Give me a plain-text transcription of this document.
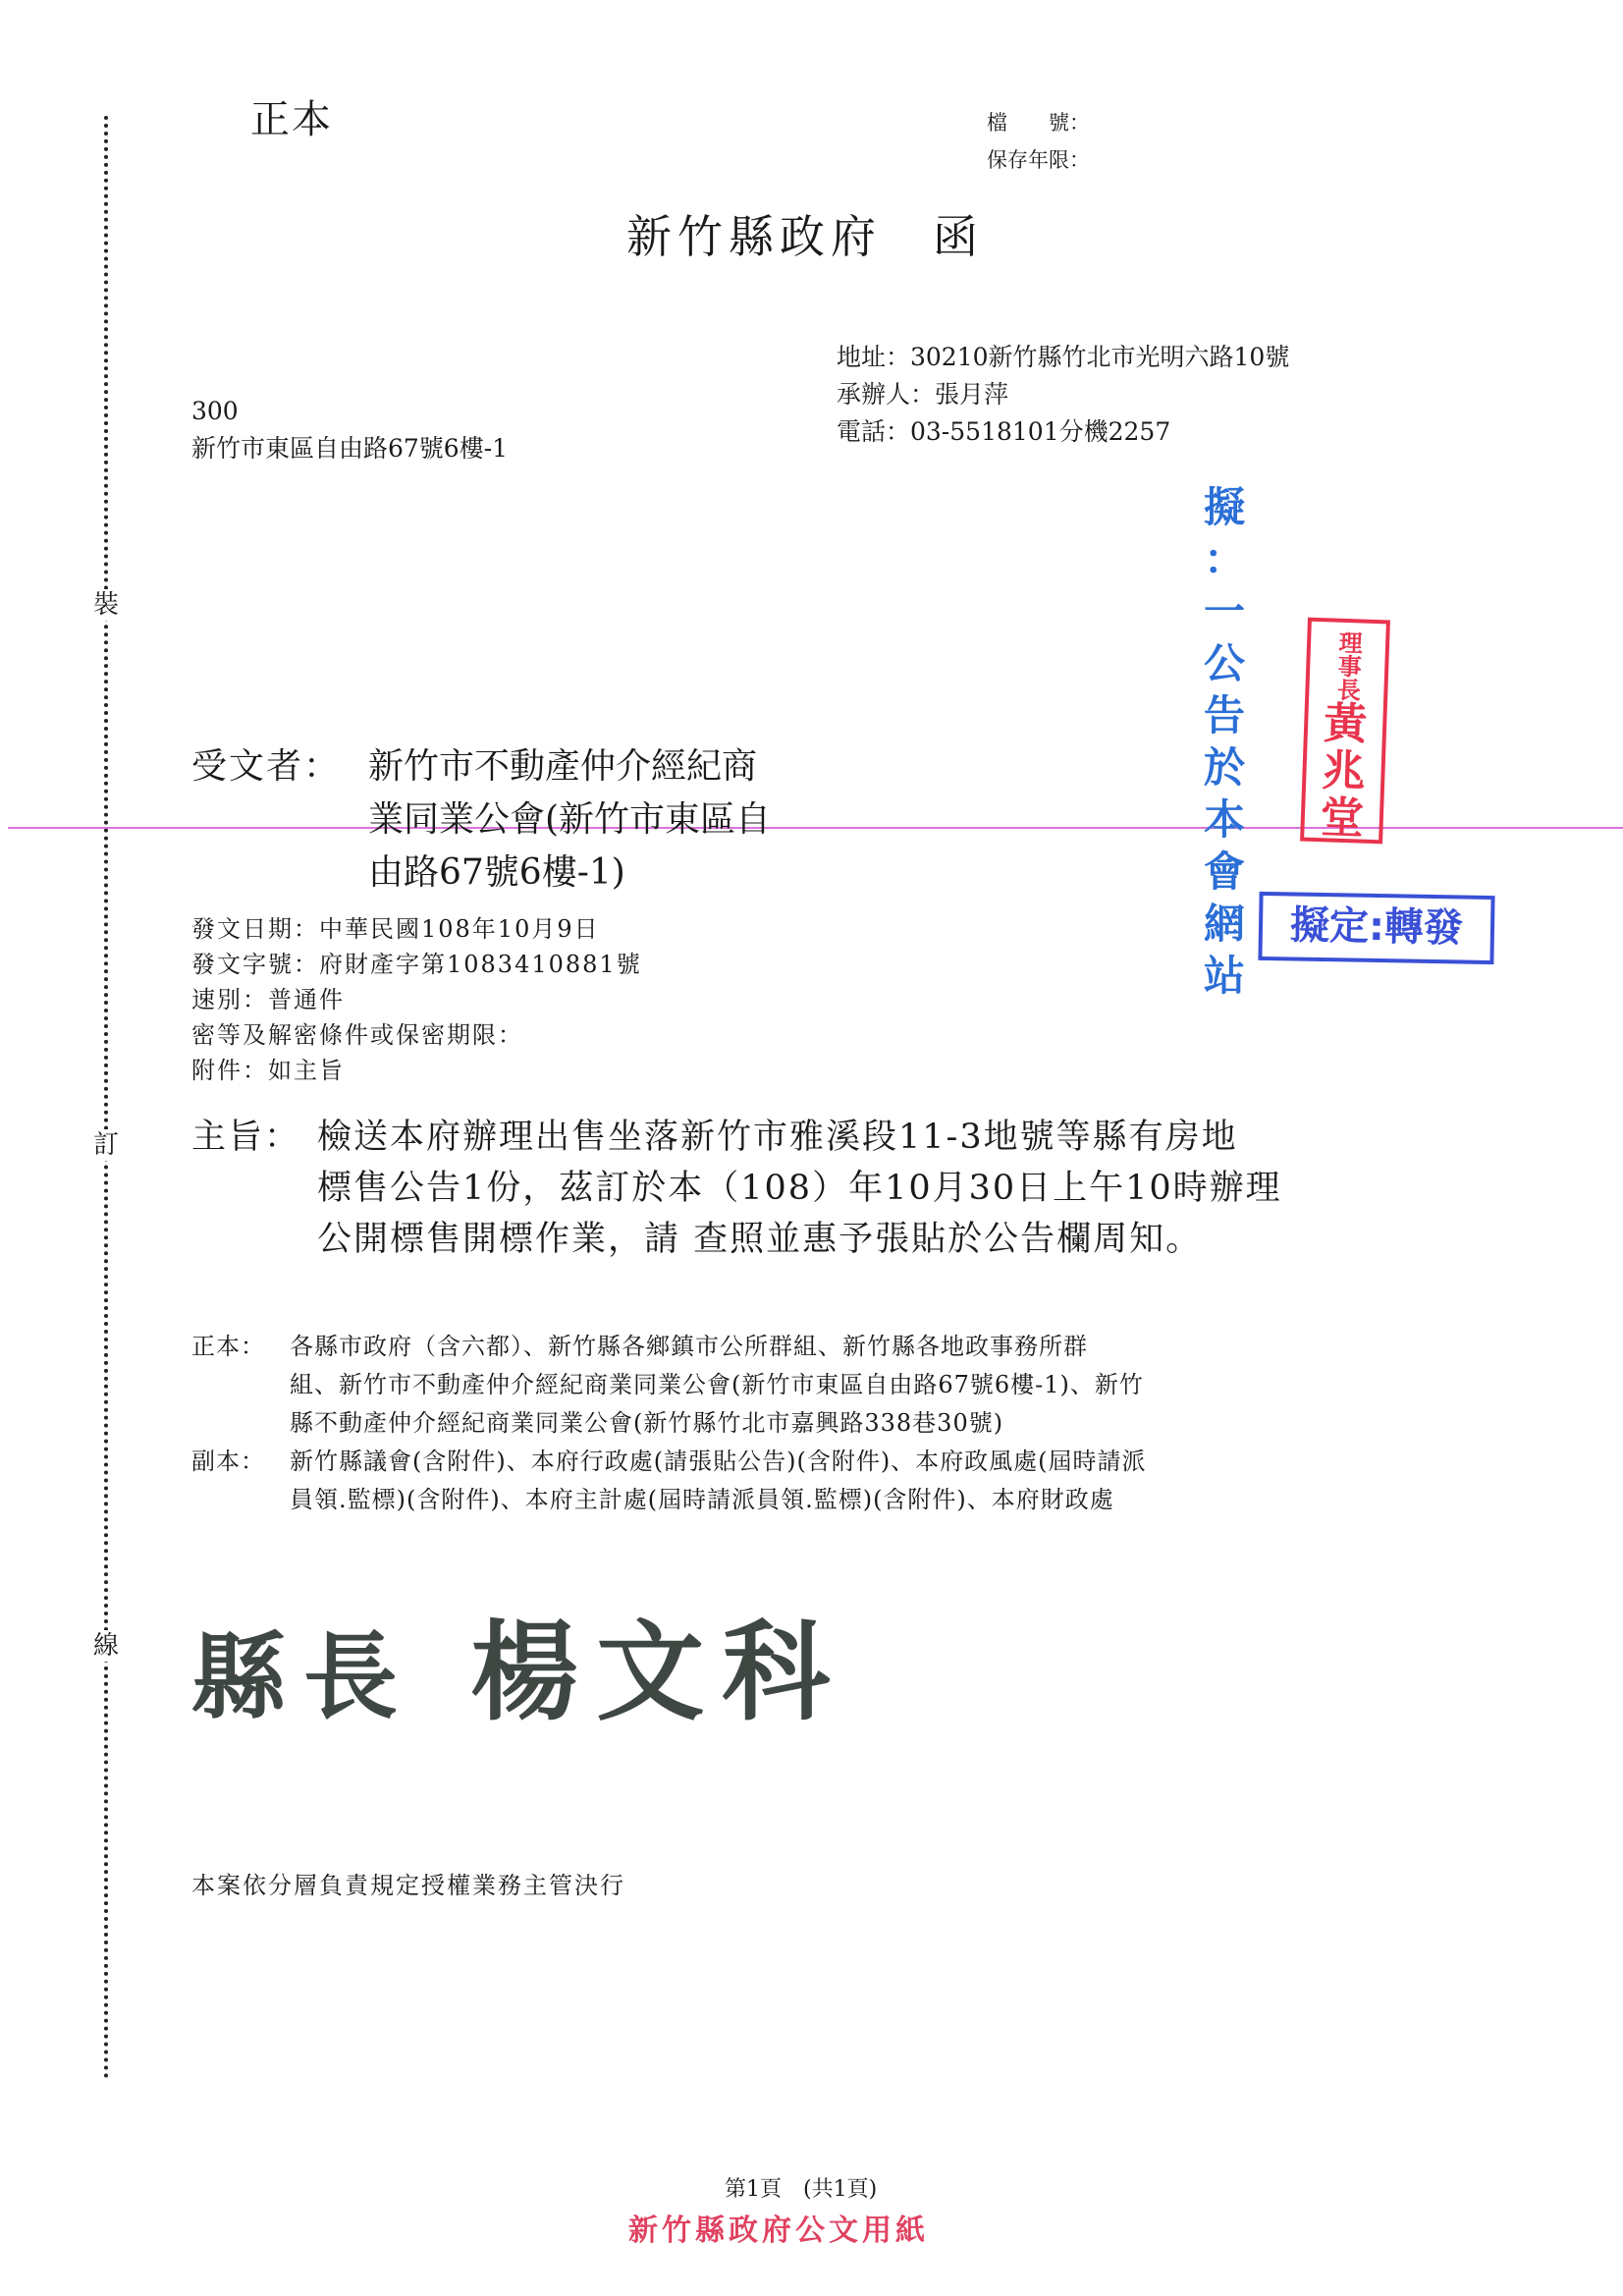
裝
訂
線
正本	檔　　號：
保存年限：
新竹縣政府　函
300
新竹市東區自由路67號6樓-1
地址：30210新竹縣竹北市光明六路10號
承辦人：張月萍
電話：03-5518101分機2257
受文者： 新竹市不動產仲介經紀商
業同業公會(新竹市東區自
由路67號6樓-1)
發文日期：中華民國108年10月9日
發文字號：府財產字第1083410881號
速別：普通件
密等及解密條件或保密期限：
附件：如主旨
主旨： 檢送本府辦理出售坐落新竹市雅溪段11-3地號等縣有房地
標售公告1份，茲訂於本（108）年10月30日上午10時辦理
公開標售開標作業，請 查照並惠予張貼於公告欄周知。
正本： 各縣市政府（含六都）、新竹縣各鄉鎮市公所群組、新竹縣各地政事務所群
組、新竹市不動產仲介經紀商業同業公會(新竹市東區自由路67號6樓-1)、新竹
縣不動產仲介經紀商業同業公會(新竹縣竹北市嘉興路338巷30號)
副本： 新竹縣議會(含附件)、本府行政處(請張貼公告)(含附件)、本府政風處(屆時請派
員領.監標)(含附件)、本府主計處(屆時請派員領.監標)(含附件)、本府財政處
縣長 楊文科
本案依分層負責規定授權業務主管決行
第1頁　(共1頁)
新竹縣政府公文用紙
擬
：
一
公
告
於
本
會
網
站
理事長
黃
兆
堂
擬定:轉發
